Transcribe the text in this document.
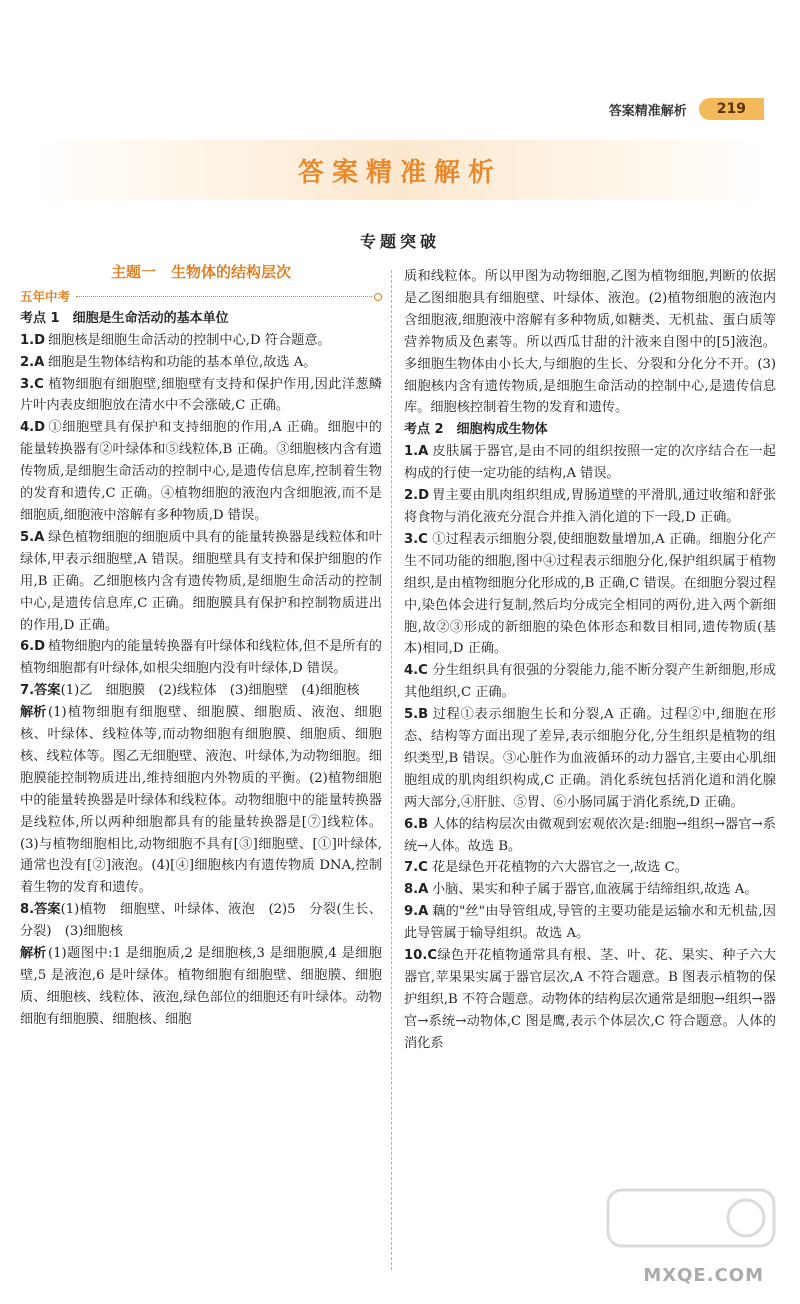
答案精准解析	219
答案精准解析
专题突破
主题一　生物体的结构层次
五年中考
考点 1　细胞是生命活动的基本单位

1.D 细胞核是细胞生命活动的控制中心,D 符合题意。

2.A 细胞是生物体结构和功能的基本单位,故选 A。

3.C 植物细胞有细胞壁,细胞壁有支持和保护作用,因此洋葱鳞片叶内表皮细胞放在清水中不会涨破,C 正确。

4.D ①细胞壁具有保护和支持细胞的作用,A 正确。细胞中的能量转换器有②叶绿体和⑤线粒体,B 正确。③细胞核内含有遗传物质,是细胞生命活动的控制中心,是遗传信息库,控制着生物的发育和遗传,C 正确。④植物细胞的液泡内含细胞液,而不是细胞质,细胞液中溶解有多种物质,D 错误。

5.A 绿色植物细胞的细胞质中具有的能量转换器是线粒体和叶绿体,甲表示细胞壁,A 错误。细胞壁具有支持和保护细胞的作用,B 正确。乙细胞核内含有遗传物质,是细胞生命活动的控制中心,是遗传信息库,C 正确。细胞膜具有保护和控制物质进出的作用,D 正确。

6.D 植物细胞内的能量转换器有叶绿体和线粒体,但不是所有的植物细胞都有叶绿体,如根尖细胞内没有叶绿体,D 错误。

7.答案(1)乙　细胞膜　(2)线粒体　(3)细胞壁　(4)细胞核

解析 (1)植物细胞有细胞壁、细胞膜、细胞质、液泡、细胞核、叶绿体、线粒体等,而动物细胞有细胞膜、细胞质、细胞核、线粒体等。图乙无细胞壁、液泡、叶绿体,为动物细胞。细胞膜能控制物质进出,维持细胞内外物质的平衡。(2)植物细胞中的能量转换器是叶绿体和线粒体。动物细胞中的能量转换器是线粒体,所以两种细胞都具有的能量转换器是[⑦]线粒体。(3)与植物细胞相比,动物细胞不具有[③]细胞壁、[①]叶绿体,通常也没有[②]液泡。(4)[④]细胞核内有遗传物质 DNA,控制着生物的发育和遗传。

8.答案(1)植物　细胞壁、叶绿体、液泡　(2)5　分裂(生长、分裂)　(3)细胞核

解析 (1)题图中:1 是细胞质,2 是细胞核,3 是细胞膜,4 是细胞壁,5 是液泡,6 是叶绿体。植物细胞有细胞壁、细胞膜、细胞质、细胞核、线粒体、液泡,绿色部位的细胞还有叶绿体。动物细胞有细胞膜、细胞核、细胞

质和线粒体。所以甲图为动物细胞,乙图为植物细胞,判断的依据是乙图细胞具有细胞壁、叶绿体、液泡。(2)植物细胞的液泡内含细胞液,细胞液中溶解有多种物质,如糖类、无机盐、蛋白质等营养物质及色素等。所以西瓜甘甜的汁液来自图中的[5]液泡。多细胞生物体由小长大,与细胞的生长、分裂和分化分不开。(3)细胞核内含有遗传物质,是细胞生命活动的控制中心,是遗传信息库。细胞核控制着生物的发育和遗传。

考点 2　细胞构成生物体

1.A 皮肤属于器官,是由不同的组织按照一定的次序结合在一起构成的行使一定功能的结构,A 错误。

2.D 胃主要由肌肉组织组成,胃肠道壁的平滑肌,通过收缩和舒张将食物与消化液充分混合并推入消化道的下一段,D 正确。

3.C ①过程表示细胞分裂,使细胞数量增加,A 正确。细胞分化产生不同功能的细胞,图中④过程表示细胞分化,保护组织属于植物组织,是由植物细胞分化形成的,B 正确,C 错误。在细胞分裂过程中,染色体会进行复制,然后均分成完全相同的两份,进入两个新细胞,故②③形成的新细胞的染色体形态和数目相同,遗传物质(基本)相同,D 正确。

4.C 分生组织具有很强的分裂能力,能不断分裂产生新细胞,形成其他组织,C 正确。

5.B 过程①表示细胞生长和分裂,A 正确。过程②中,细胞在形态、结构等方面出现了差异,表示细胞分化,分生组织是植物的组织类型,B 错误。③心脏作为血液循环的动力器官,主要由心肌细胞组成的肌肉组织构成,C 正确。消化系统包括消化道和消化腺两大部分,④肝脏、⑤胃、⑥小肠同属于消化系统,D 正确。

6.B 人体的结构层次由微观到宏观依次是:细胞→组织→器官→系统→人体。故选 B。

7.C 花是绿色开花植物的六大器官之一,故选 C。

8.A 小脑、果实和种子属于器官,血液属于结缔组织,故选 A。

9.A 藕的"丝"由导管组成,导管的主要功能是运输水和无机盐,因此导管属于输导组织。故选 A。

10.C绿色开花植物通常具有根、茎、叶、花、果实、种子六大器官,苹果果实属于器官层次,A 不符合题意。B 图表示植物的保护组织,B 不符合题意。动物体的结构层次通常是细胞→组织→器官→系统→动物体,C 图是鹰,表示个体层次,C 符合题意。人体的消化系

MXQE.COM
